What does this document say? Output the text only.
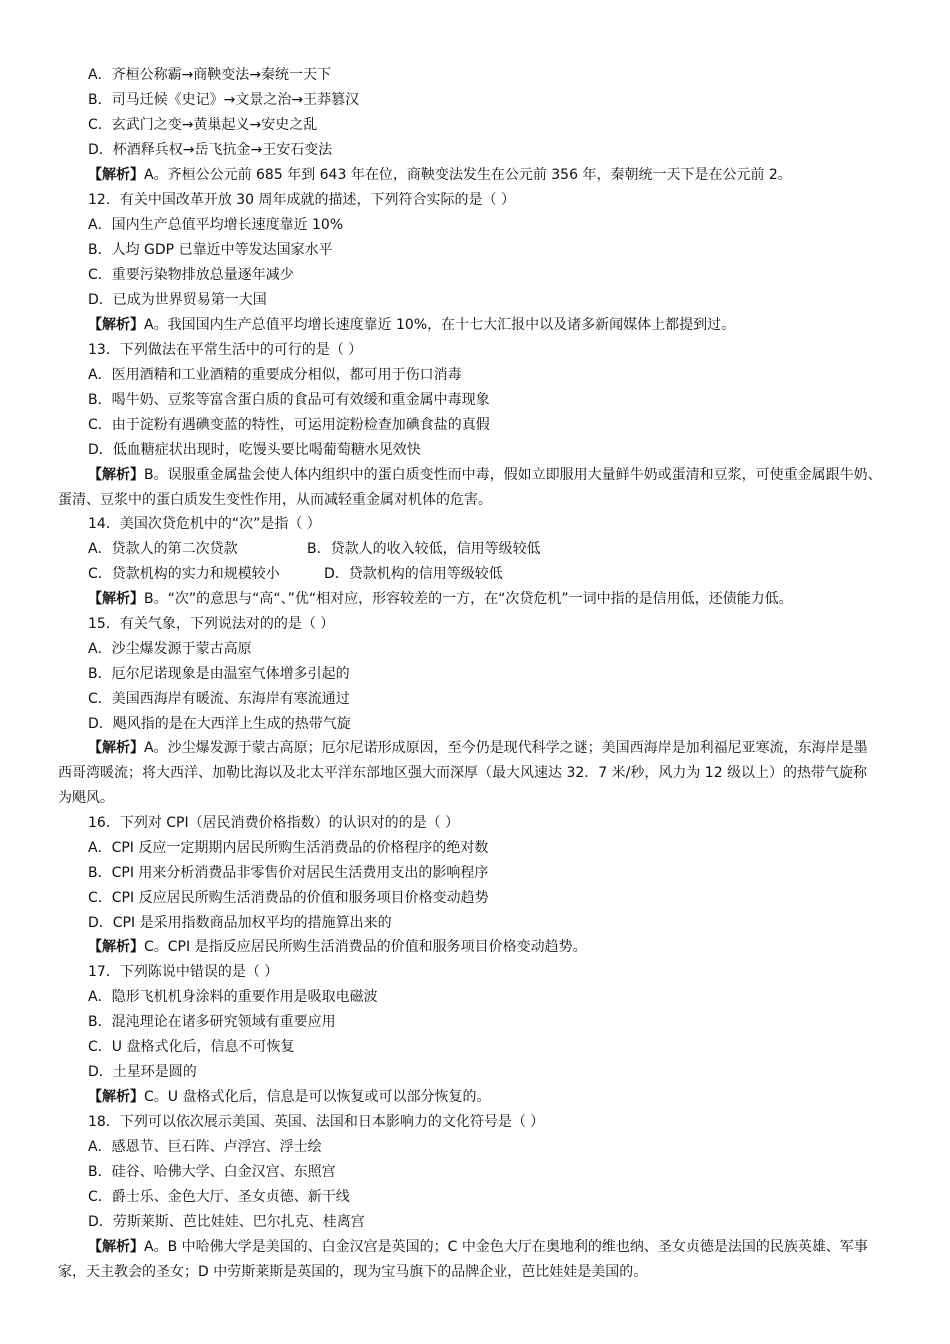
A．齐桓公称霸→商鞅变法→秦统一天下
B．司马迁候《史记》→文景之治→王莽篡汉
C．玄武门之变→黄巢起义→安史之乱
D．杯酒释兵权→岳飞抗金→王安石变法
【解析】A。齐桓公公元前 685 年到 643 年在位，商鞅变法发生在公元前 356 年，秦朝统一天下是在公元前 2。
12．有关中国改革开放 30 周年成就的描述，下列符合实际的是（ ）
A．国内生产总值平均增长速度靠近 10%
B．人均 GDP 已靠近中等发达国家水平
C．重要污染物排放总量逐年减少
D．已成为世界贸易第一大国
【解析】A。我国国内生产总值平均增长速度靠近 10%，在十七大汇报中以及诸多新闻媒体上都提到过。
13．下列做法在平常生活中的可行的是（ ）
A．医用酒精和工业酒精的重要成分相似，都可用于伤口消毒
B．喝牛奶、豆浆等富含蛋白质的食品可有效缓和重金属中毒现象
C．由于淀粉有遇碘变蓝的特性，可运用淀粉检查加碘食盐的真假
D．低血糖症状出现时，吃馒头要比喝葡萄糖水见效快
【解析】B。误服重金属盐会使人体内组织中的蛋白质变性而中毒，假如立即服用大量鲜牛奶或蛋清和豆浆，可使重金属跟牛奶、
蛋清、豆浆中的蛋白质发生变性作用，从而减轻重金属对机体的危害。
14．美国次贷危机中的“次”是指（ ）
A．贷款人的第二次贷款	B．贷款人的收入较低，信用等级较低
C．贷款机构的实力和规模较小	D．贷款机构的信用等级较低
【解析】B。“次”的意思与“高“、”优“相对应，形容较差的一方，在“次贷危机”一词中指的是信用低，还债能力低。
15．有关气象，下列说法对的的是（ ）
A．沙尘爆发源于蒙古高原
B．厄尔尼诺现象是由温室气体增多引起的
C．美国西海岸有暖流、东海岸有寒流通过
D．飓风指的是在大西洋上生成的热带气旋
【解析】A。沙尘爆发源于蒙古高原；厄尔尼诺形成原因，至今仍是现代科学之谜；美国西海岸是加利福尼亚寒流，东海岸是墨
西哥湾暖流；将大西洋、加勒比海以及北太平洋东部地区强大而深厚（最大风速达 32．7 米/秒，风力为 12 级以上）的热带气旋称
为飓风。
16．下列对 CPI（居民消费价格指数）的认识对的的是（ ）
A．CPI 反应一定期期内居民所购生活消费品的价格程序的绝对数
B．CPI 用来分析消费品非零售价对居民生活费用支出的影响程序
C．CPI 反应居民所购生活消费品的价值和服务项目价格变动趋势
D．CPI 是采用指数商品加权平均的措施算出来的
【解析】C。CPI 是指反应居民所购生活消费品的价值和服务项目价格变动趋势。
17．下列陈说中错误的是（ ）
A．隐形飞机机身涂料的重要作用是吸取电磁波
B．混沌理论在诸多研究领域有重要应用
C．U 盘格式化后，信息不可恢复
D．土星环是圆的
【解析】C。U 盘格式化后，信息是可以恢复或可以部分恢复的。
18．下列可以依次展示美国、英国、法国和日本影响力的文化符号是（ ）
A．感恩节、巨石阵、卢浮宫、浮士绘
B．硅谷、哈佛大学、白金汉宫、东照宫
C．爵士乐、金色大厅、圣女贞德、新干线
D．劳斯莱斯、芭比娃娃、巴尔扎克、桂离宫
【解析】A。B 中哈佛大学是美国的、白金汉宫是英国的；C 中金色大厅在奥地利的维也纳、圣女贞德是法国的民族英雄、军事
家，天主教会的圣女；D 中劳斯莱斯是英国的，现为宝马旗下的品牌企业，芭比娃娃是美国的。
